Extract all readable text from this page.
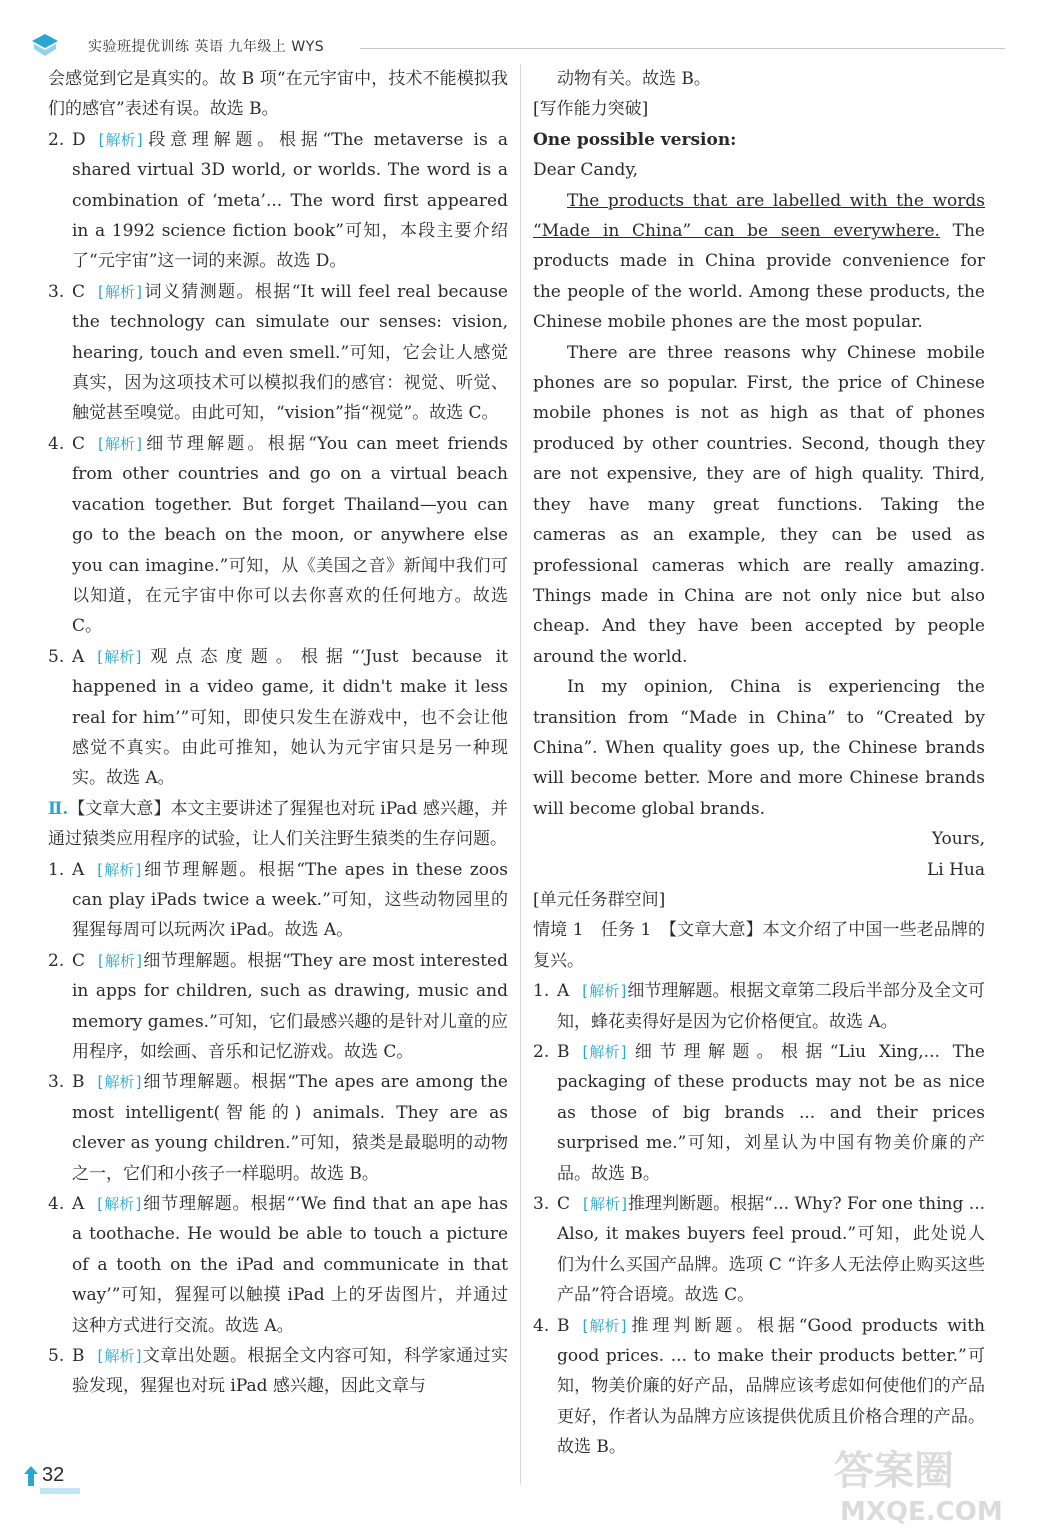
实验班提优训练 英语 九年级上 WYS

会感觉到它是真实的。故 B 项“在元宇宙中，技术不能模拟我们的感官”表述有误。故选 B。

2. D [ 解析 ] 段意理解题。根据“The metaverse is a shared virtual 3D world, or worlds. The word is a combination of ‘meta’... The word first appeared in a 1992 science fiction book”可知，本段主要介绍了“元宇宙”这一词的来源。故选 D。

3. C [ 解析 ] 词义猜测题。根据“It will feel real because the technology can simulate our senses: vision, hearing, touch and even smell.”可知，它会让人感觉真实，因为这项技术可以模拟我们的感官：视觉、听觉、触觉甚至嗅觉。由此可知，“vision”指“视觉”。故选 C。

4. C [ 解析 ] 细节理解题。根据“You can meet friends from other countries and go on a virtual beach vacation together. But forget Thailand—you can go to the beach on the moon, or anywhere else you can imagine.”可知，从《美国之音》新闻中我们可以知道，在元宇宙中你可以去你喜欢的任何地方。故选 C。

5. A [ 解析 ] 观点态度题。根据“‘Just because it happened in a video game, it didn't make it less real for him’”可知，即使只发生在游戏中，也不会让他感觉不真实。由此可推知，她认为元宇宙只是另一种现实。故选 A。

Ⅱ.【文章大意】本文主要讲述了猩猩也对玩 iPad 感兴趣，并通过猿类应用程序的试验，让人们关注野生猿类的生存问题。

1. A [ 解析 ] 细节理解题。根据“The apes in these zoos can play iPads twice a week.”可知，这些动物园里的猩猩每周可以玩两次 iPad。故选 A。

2. C [ 解析 ] 细节理解题。根据“They are most interested in apps for children, such as drawing, music and memory games.”可知，它们最感兴趣的是针对儿童的应用程序，如绘画、音乐和记忆游戏。故选 C。

3. B [ 解析 ] 细节理解题。根据“The apes are among the most intelligent(智能的) animals. They are as clever as young children.”可知，猿类是最聪明的动物之一，它们和小孩子一样聪明。故选 B。

4. A [ 解析 ] 细节理解题。根据“‘We find that an ape has a toothache. He would be able to touch a picture of a tooth on the iPad and communicate in that way’”可知，猩猩可以触摸 iPad 上的牙齿图片，并通过这种方式进行交流。故选 A。

5. B [ 解析 ] 文章出处题。根据全文内容可知，科学家通过实验发现，猩猩也对玩 iPad 感兴趣，因此文章与

动物有关。故选 B。

[写作能力突破]

One possible version:

Dear Candy,

The products that are labelled with the words “Made in China” can be seen everywhere. The products made in China provide convenience for the people of the world. Among these products, the Chinese mobile phones are the most popular.

There are three reasons why Chinese mobile phones are so popular. First, the price of Chinese mobile phones is not as high as that of phones produced by other countries. Second, though they are not expensive, they are of high quality. Third, they have many great functions. Taking the cameras as an example, they can be used as professional cameras which are really amazing. Things made in China are not only nice but also cheap. And they have been accepted by people around the world.

In my opinion, China is experiencing the transition from “Made in China” to “Created by China”. When quality goes up, the Chinese brands will become better. More and more Chinese brands will become global brands.

Yours,

Li Hua

[单元任务群空间]

情境 1　任务 1　【文章大意】本文介绍了中国一些老品牌的复兴。

1. A [ 解析 ] 细节理解题。根据文章第二段后半部分及全文可知，蜂花卖得好是因为它价格便宜。故选 A。

2. B [ 解析 ] 细节理解题。根据“Liu Xing,... The packaging of these products may not be as nice as those of big brands ... and their prices surprised me.”可知，刘星认为中国有物美价廉的产品。故选 B。

3. C [ 解析 ] 推理判断题。根据“... Why? For one thing ... Also, it makes buyers feel proud.”可知，此处说人们为什么买国产品牌。选项 C “许多人无法停止购买这些产品”符合语境。故选 C。

4. B [ 解析 ] 推理判断题。根据“Good products with good prices. ... to make their products better.”可知，物美价廉的好产品，品牌应该考虑如何使他们的产品更好，作者认为品牌方应该提供优质且价格合理的产品。故选 B。

32	答案圈
MXQE.COM
